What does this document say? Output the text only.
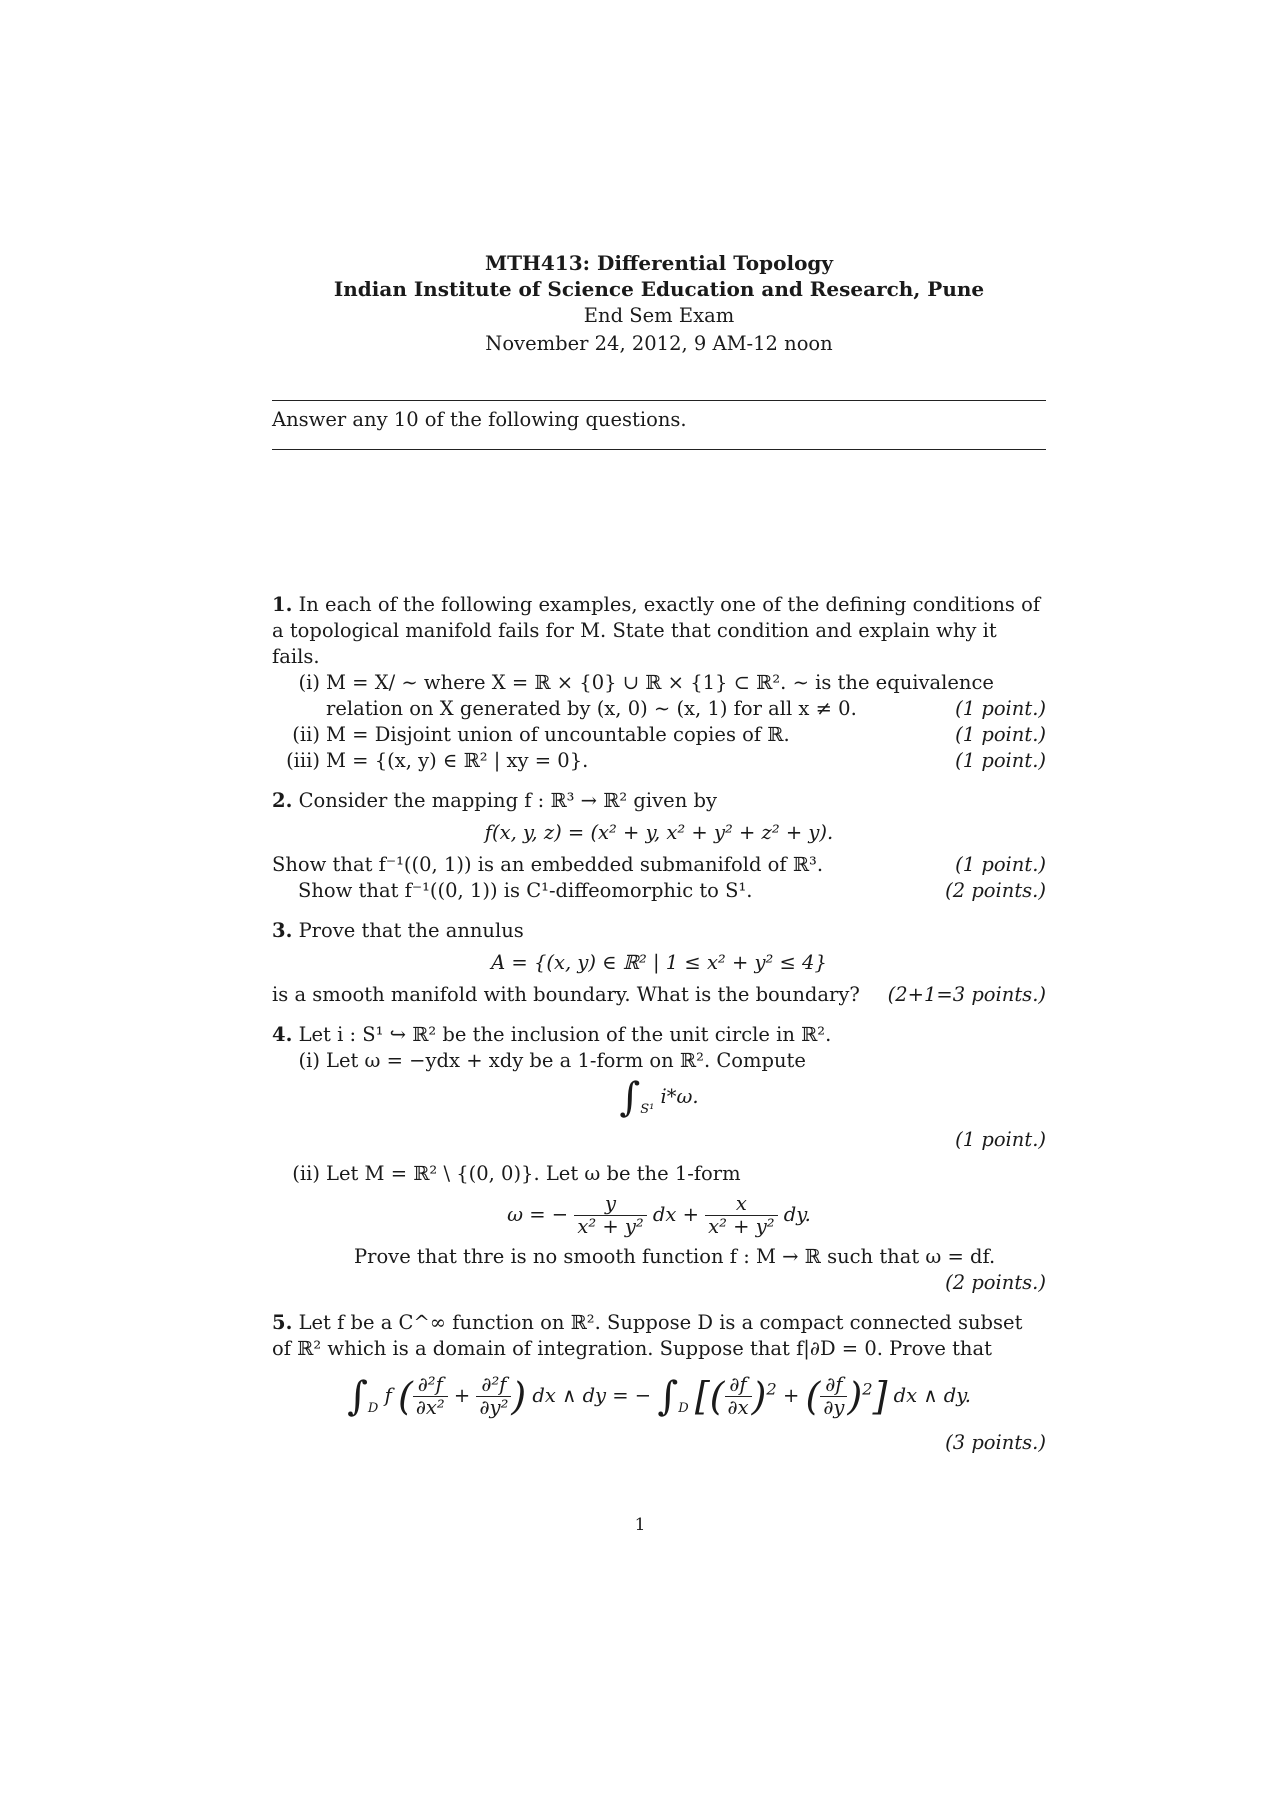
MTH413: Differential Topology
Indian Institute of Science Education and Research, Pune
End Sem Exam
November 24, 2012, 9 AM-12 noon
Answer any 10 of the following questions.
1. In each of the following examples, exactly one of the defining conditions of a topological manifold fails for M. State that condition and explain why it fails.
(i) M = X/ ∼ where X = ℝ × {0} ∪ ℝ × {1} ⊂ ℝ². ∼ is the equivalence
relation on X generated by (x, 0) ∼ (x, 1) for all x ≠ 0.	(1 point.)
(ii) M = Disjoint union of uncountable copies of ℝ.	(1 point.)
(iii) M = {(x, y) ∈ ℝ² | xy = 0}.	(1 point.)
2. Consider the mapping f : ℝ³ → ℝ² given by
f(x, y, z) = (x² + y, x² + y² + z² + y).
Show that f⁻¹((0, 1)) is an embedded submanifold of ℝ³.	(1 point.)
Show that f⁻¹((0, 1)) is C¹-diffeomorphic to S¹.	(2 points.)
3. Prove that the annulus
A = {(x, y) ∈ ℝ² | 1 ≤ x² + y² ≤ 4}
is a smooth manifold with boundary. What is the boundary? (2+1=3 points.)
4. Let i : S¹ ↪ ℝ² be the inclusion of the unit circle in ℝ².
(i) Let ω = −ydx + xdy be a 1-form on ℝ². Compute
$\int_{S^1}$ i*ω.
(1 point.)
(ii) Let M = ℝ² \ {(0, 0)}. Let ω be the 1-form
ω = − $\frac{y}{\text{x² + y²}}$ dx + $\frac{x}{\text{x² + y²}}$ dy.
Prove that thre is no smooth function f : M → ℝ such that ω = df.
(2 points.)
5. Let f be a C^∞ function on ℝ². Suppose D is a compact connected subset of ℝ² which is a domain of integration. Suppose that f|∂D = 0. Prove that
$\int_D$ f ( $\frac{\text{∂²f}}{\text{∂x²}} + \frac{\text{∂²f}}{\text{∂y²}}$ ) dx ∧ dy = − $\int_D$ [( $\frac{\partial f}{\partial x} )^2$ + ( $\frac{\partial f}{\partial y} )^2$] dx ∧ dy.
(3 points.)
1
